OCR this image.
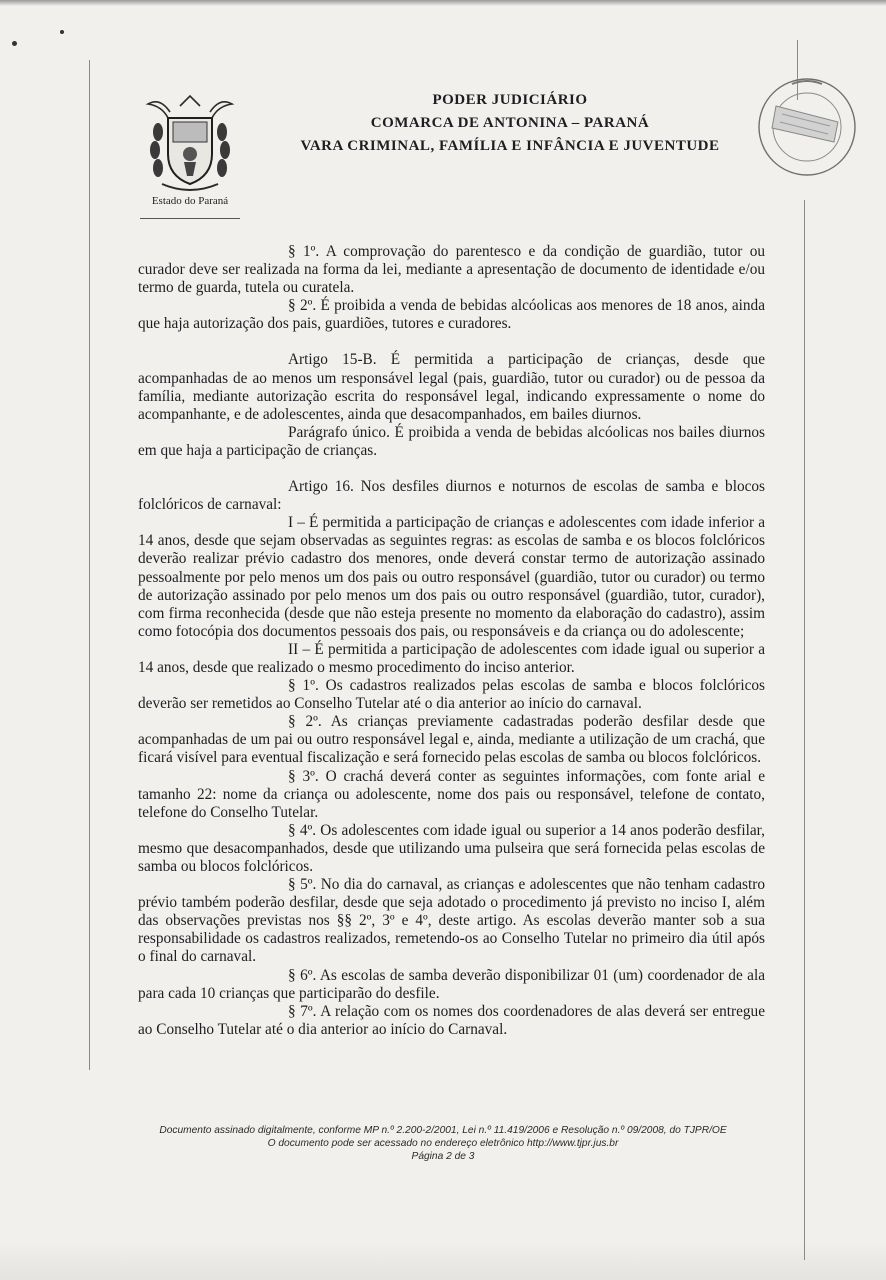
Estado do Paraná
PODER JUDICIÁRIO
COMARCA DE ANTONINA – PARANÁ
VARA CRIMINAL, FAMÍLIA E INFÂNCIA E JUVENTUDE

§ 1º. A comprovação do parentesco e da condição de guardião, tutor ou curador deve ser realizada na forma da lei, mediante a apresentação de documento de identidade e/ou termo de guarda, tutela ou curatela.

§ 2º. É proibida a venda de bebidas alcóolicas aos menores de 18 anos, ainda que haja autorização dos pais, guardiões, tutores e curadores.

Artigo 15-B. É permitida a participação de crianças, desde que acompanhadas de ao menos um responsável legal (pais, guardião, tutor ou curador) ou de pessoa da família, mediante autorização escrita do responsável legal, indicando expressamente o nome do acompanhante, e de adolescentes, ainda que desacompanhados, em bailes diurnos.

Parágrafo único. É proibida a venda de bebidas alcóolicas nos bailes diurnos em que haja a participação de crianças.

Artigo 16. Nos desfiles diurnos e noturnos de escolas de samba e blocos folclóricos de carnaval:

I – É permitida a participação de crianças e adolescentes com idade inferior a 14 anos, desde que sejam observadas as seguintes regras: as escolas de samba e os blocos folclóricos deverão realizar prévio cadastro dos menores, onde deverá constar termo de autorização assinado pessoalmente por pelo menos um dos pais ou outro responsável (guardião, tutor ou curador) ou termo de autorização assinado por pelo menos um dos pais ou outro responsável (guardião, tutor, curador), com firma reconhecida (desde que não esteja presente no momento da elaboração do cadastro), assim como fotocópia dos documentos pessoais dos pais, ou responsáveis e da criança ou do adolescente;

II – É permitida a participação de adolescentes com idade igual ou superior a 14 anos, desde que realizado o mesmo procedimento do inciso anterior.

§ 1º. Os cadastros realizados pelas escolas de samba e blocos folclóricos deverão ser remetidos ao Conselho Tutelar até o dia anterior ao início do carnaval.

§ 2º. As crianças previamente cadastradas poderão desfilar desde que acompanhadas de um pai ou outro responsável legal e, ainda, mediante a utilização de um crachá, que ficará visível para eventual fiscalização e será fornecido pelas escolas de samba ou blocos folclóricos.

§ 3º. O crachá deverá conter as seguintes informações, com fonte arial e tamanho 22: nome da criança ou adolescente, nome dos pais ou responsável, telefone de contato, telefone do Conselho Tutelar.

§ 4º. Os adolescentes com idade igual ou superior a 14 anos poderão desfilar, mesmo que desacompanhados, desde que utilizando uma pulseira que será fornecida pelas escolas de samba ou blocos folclóricos.

§ 5º. No dia do carnaval, as crianças e adolescentes que não tenham cadastro prévio também poderão desfilar, desde que seja adotado o procedimento já previsto no inciso I, além das observações previstas nos §§ 2º, 3º e 4º, deste artigo. As escolas deverão manter sob a sua responsabilidade os cadastros realizados, remetendo-os ao Conselho Tutelar no primeiro dia útil após o final do carnaval.

§ 6º. As escolas de samba deverão disponibilizar 01 (um) coordenador de ala para cada 10 crianças que participarão do desfile.

§ 7º. A relação com os nomes dos coordenadores de alas deverá ser entregue ao Conselho Tutelar até o dia anterior ao início do Carnaval.

Documento assinado digitalmente, conforme MP n.º 2.200-2/2001, Lei n.º 11.419/2006 e Resolução n.º 09/2008, do TJPR/OE
O documento pode ser acessado no endereço eletrônico http://www.tjpr.jus.br
Página 2 de 3
